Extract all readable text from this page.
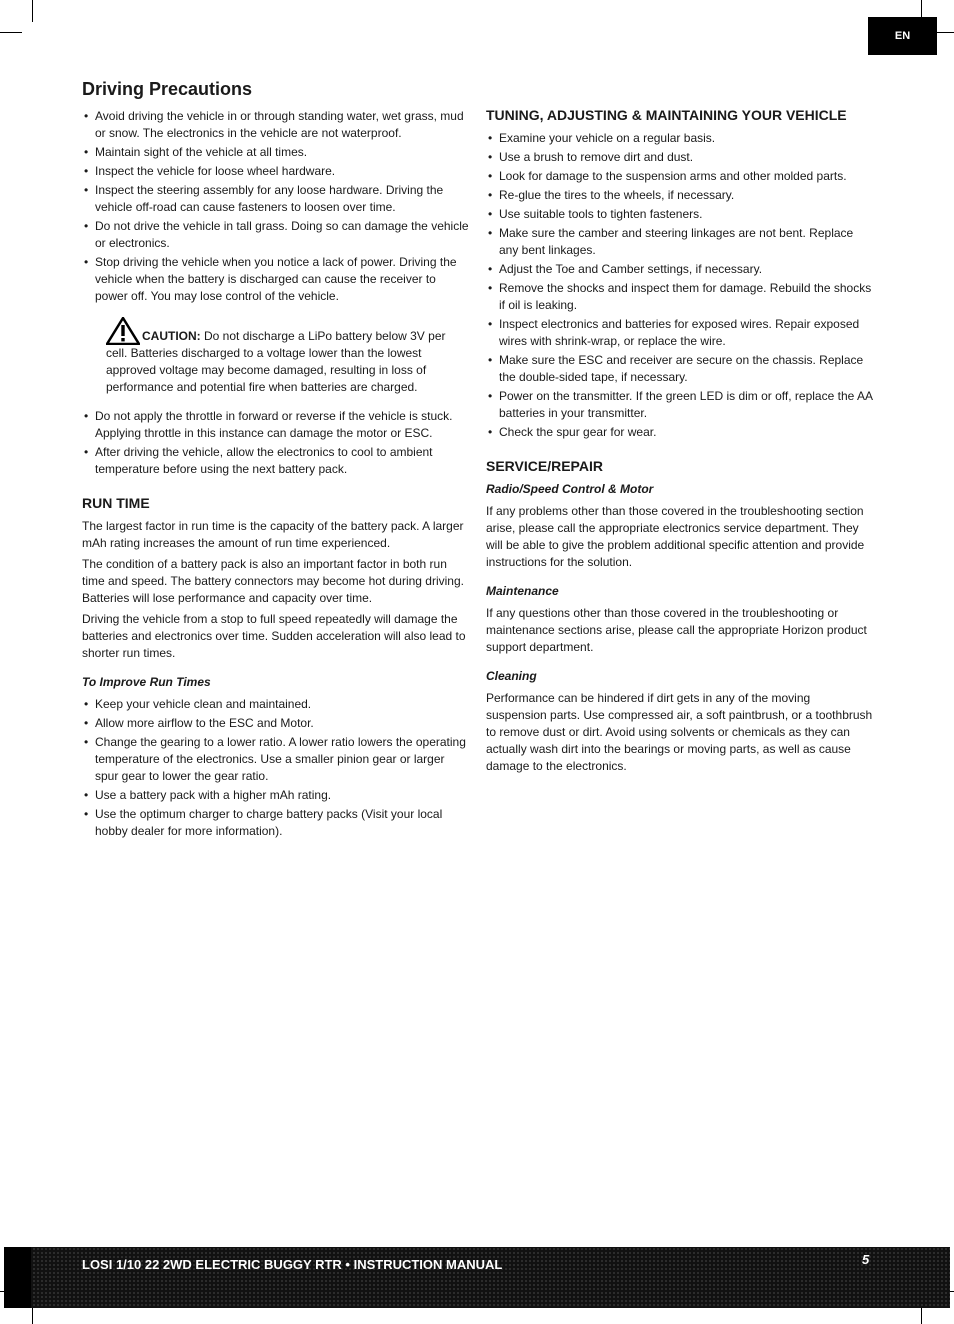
EN
Driving Precautions
• Avoid driving the vehicle in or through standing water, wet grass, mud or snow. The electronics in the vehicle are not waterproof.
• Maintain sight of the vehicle at all times.
• Inspect the vehicle for loose wheel hardware.
• Inspect the steering assembly for any loose hardware. Driving the vehicle off-road can cause fasteners to loosen over time.
• Do not drive the vehicle in tall grass. Doing so can damage the vehicle or electronics.
• Stop driving the vehicle when you notice a lack of power. Driving the vehicle when the battery is discharged can cause the receiver to power off. You may lose control of the vehicle.
CAUTION: Do not discharge a LiPo battery below 3V per cell. Batteries discharged to a voltage lower than the lowest approved voltage may become damaged, resulting in loss of performance and potential fire when batteries are charged.
• Do not apply the throttle in forward or reverse if the vehicle is stuck. Applying throttle in this instance can damage the motor or ESC.
• After driving the vehicle, allow the electronics to cool to ambient temperature before using the next battery pack.
RUN TIME

The largest factor in run time is the capacity of the battery pack. A larger mAh rating increases the amount of run time experienced.

The condition of a battery pack is also an important factor in both run time and speed. The battery connectors may become hot during driving. Batteries will lose performance and capacity over time.

Driving the vehicle from a stop to full speed repeatedly will damage the batteries and electronics over time. Sudden acceleration will also lead to shorter run times.

To Improve Run Times
• Keep your vehicle clean and maintained.
• Allow more airflow to the ESC and Motor.
• Change the gearing to a lower ratio. A lower ratio lowers the operating temperature of the electronics. Use a smaller pinion gear or larger spur gear to lower the gear ratio.
• Use a battery pack with a higher mAh rating.
• Use the optimum charger to charge battery packs (Visit your local hobby dealer for more information).
TUNING, ADJUSTING & MAINTAINING YOUR VEHICLE
• Examine your vehicle on a regular basis.
• Use a brush to remove dirt and dust.
• Look for damage to the suspension arms and other molded parts.
• Re-glue the tires to the wheels, if necessary.
• Use suitable tools to tighten fasteners.
• Make sure the camber and steering linkages are not bent. Replace any bent linkages.
• Adjust the Toe and Camber settings, if necessary.
• Remove the shocks and inspect them for damage. Rebuild the shocks if oil is leaking.
• Inspect electronics and batteries for exposed wires. Repair exposed wires with shrink-wrap, or replace the wire.
• Make sure the ESC and receiver are secure on the chassis. Replace the double-sided tape, if necessary.
• Power on the transmitter. If the green LED is dim or off, replace the AA batteries in your transmitter.
• Check the spur gear for wear.
SERVICE/REPAIR
Radio/Speed Control & Motor

If any problems other than those covered in the troubleshooting section arise, please call the appropriate electronics service department. They will be able to give the problem additional specific attention and provide instructions for the solution.

Maintenance

If any questions other than those covered in the troubleshooting or maintenance sections arise, please call the appropriate Horizon product support department.

Cleaning

Performance can be hindered if dirt gets in any of the moving suspension parts. Use compressed air, a soft paintbrush, or a toothbrush to remove dust or dirt. Avoid using solvents or chemicals as they can actually wash dirt into the bearings or moving parts, as well as cause damage to the electronics.

LOSI 1/10 22 2WD ELECTRIC BUGGY RTR • INSTRUCTION MANUAL	5
